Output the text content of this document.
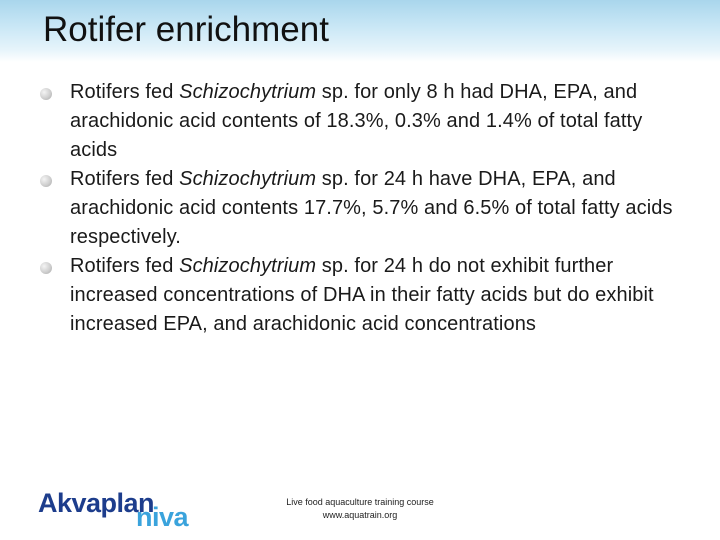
Rotifer enrichment
Rotifers fed Schizochytrium sp. for only 8 h had DHA, EPA, and arachidonic acid contents of 18.3%, 0.3% and 1.4% of total fatty acids
Rotifers fed Schizochytrium sp. for 24 h have DHA, EPA, and arachidonic acid contents 17.7%, 5.7% and 6.5% of total fatty acids respectively.
Rotifers fed Schizochytrium sp. for 24 h do not exhibit further increased concentrations of DHA in their fatty acids but do exhibit increased EPA, and arachidonic acid concentrations
Akvaplan
niva	Live food aquaculture training course
www.aquatrain.org
